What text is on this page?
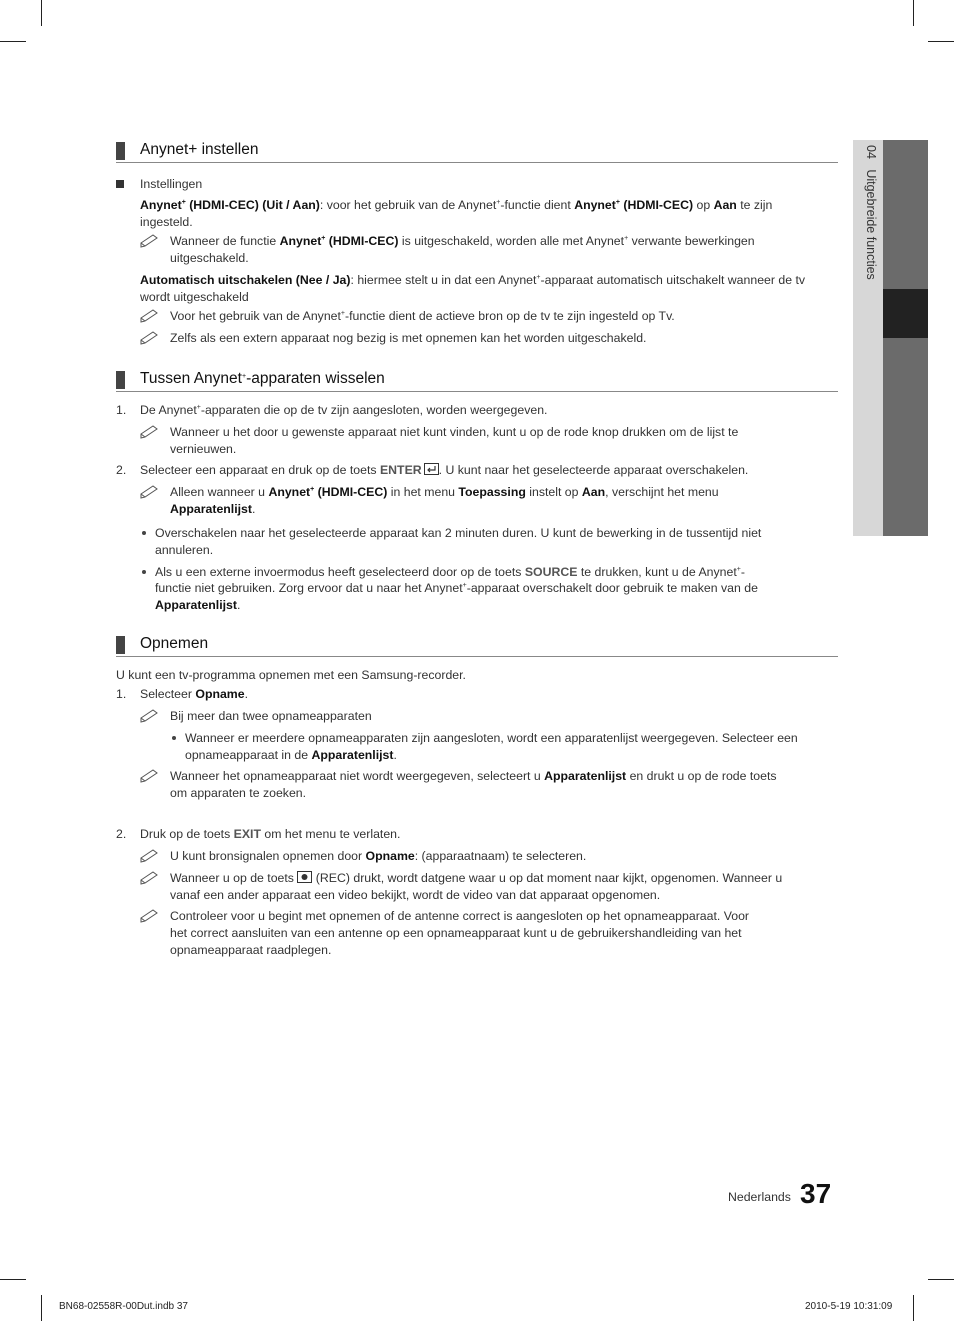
04   Uitgebreide functies
Anynet+ instellen
Instellingen
Anynet+ (HDMI-CEC) (Uit / Aan): voor het gebruik van de Anynet+-functie dient Anynet+ (HDMI-CEC) op Aan te zijn
ingesteld.
Wanneer de functie Anynet+ (HDMI-CEC) is uitgeschakeld, worden alle met Anynet+ verwante bewerkingen
uitgeschakeld.
Automatisch uitschakelen (Nee / Ja): hiermee stelt u in dat een Anynet+-apparaat automatisch uitschakelt wanneer de tv
wordt uitgeschakeld
Voor het gebruik van de Anynet+-functie dient de actieve bron op de tv te zijn ingesteld op Tv.
Zelfs als een extern apparaat nog bezig is met opnemen kan het worden uitgeschakeld.
Tussen Anynet+-apparaten wisselen
1. De Anynet+-apparaten die op de tv zijn aangesloten, worden weergegeven.
Wanneer u het door u gewenste apparaat niet kunt vinden, kunt u op de rode knop drukken om de lijst te
vernieuwen.
2. Selecteer een apparaat en druk op de toets ENTER . U kunt naar het geselecteerde apparaat overschakelen.
Alleen wanneer u Anynet+ (HDMI-CEC) in het menu Toepassing instelt op Aan, verschijnt het menu
Apparatenlijst.
Overschakelen naar het geselecteerde apparaat kan 2 minuten duren. U kunt de bewerking in de tussentijd niet
annuleren.
Als u een externe invoermodus heeft geselecteerd door op de toets SOURCE te drukken, kunt u de Anynet+-
functie niet gebruiken. Zorg ervoor dat u naar het Anynet+-apparaat overschakelt door gebruik te maken van de
Apparatenlijst.
Opnemen
U kunt een tv-programma opnemen met een Samsung-recorder.
1. Selecteer Opname.
Bij meer dan twee opnameapparaten
Wanneer er meerdere opnameapparaten zijn aangesloten, wordt een apparatenlijst weergegeven. Selecteer een
opnameapparaat in de Apparatenlijst.
Wanneer het opnameapparaat niet wordt weergegeven, selecteert u Apparatenlijst en drukt u op de rode toets
om apparaten te zoeken.
2. Druk op de toets EXIT om het menu te verlaten.
U kunt bronsignalen opnemen door Opname: (apparaatnaam) te selecteren.
Wanneer u op de toets  (REC) drukt, wordt datgene waar u op dat moment naar kijkt, opgenomen. Wanneer u
vanaf een ander apparaat een video bekijkt, wordt de video van dat apparaat opgenomen.
Controleer voor u begint met opnemen of de antenne correct is aangesloten op het opnameapparaat. Voor
het correct aansluiten van een antenne op een opnameapparaat kunt u de gebruikershandleiding van het
opnameapparaat raadplegen.
Nederlands 37
BN68-02558R-00Dut.indb 37	2010-5-19 10:31:09
